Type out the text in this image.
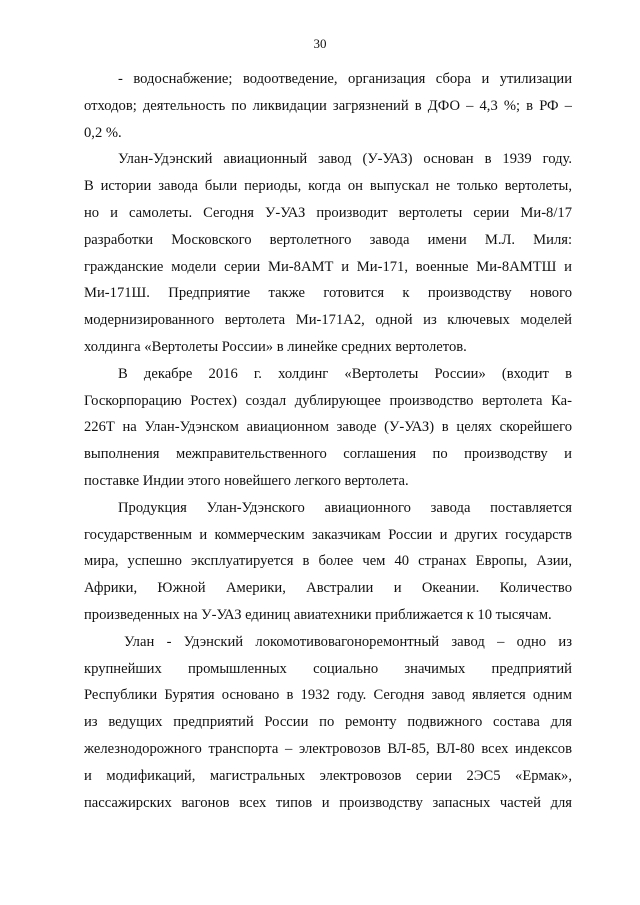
30
- водоснабжение; водоотведение, организация сбора и утилизации
отходов; деятельность по ликвидации загрязнений в ДФО – 4,3 %; в РФ –
0,2 %.
Улан-Удэнский авиационный завод (У-УАЗ) основан в 1939 году.
В истории завода были периоды, когда он выпускал не только вертолеты,
но и самолеты. Сегодня У-УАЗ производит вертолеты серии Ми-8/17
разработки Московского вертолетного завода имени М.Л. Миля:
гражданские модели серии Ми-8АМТ и Ми-171, военные Ми-8АМТШ и
Ми-171Ш. Предприятие также готовится к производству нового
модернизированного вертолета Ми-171А2, одной из ключевых моделей
холдинга «Вертолеты России» в линейке средних вертолетов.
В декабре 2016 г. холдинг «Вертолеты России» (входит в
Госкорпорацию Ростех) создал дублирующее производство вертолета Ка-
226Т на Улан-Удэнском авиационном заводе (У-УАЗ) в целях скорейшего
выполнения межправительственного соглашения по производству и
поставке Индии этого новейшего легкого вертолета.
Продукция Улан-Удэнского авиационного завода поставляется
государственным и коммерческим заказчикам России и других государств
мира, успешно эксплуатируется в более чем 40 странах Европы, Азии,
Африки, Южной Америки, Австралии и Океании. Количество
произведенных на У-УАЗ единиц авиатехники приближается к 10 тысячам.
Улан - Удэнский локомотивовагоноремонтный завод – одно из
крупнейших промышленных социально значимых предприятий
Республики Бурятия основано в 1932 году. Сегодня завод является одним
из ведущих предприятий России по ремонту подвижного состава для
железнодорожного транспорта – электровозов ВЛ-85, ВЛ-80 всех индексов
и модификаций, магистральных электровозов серии 2ЭС5 «Ермак»,
пассажирских вагонов всех типов и производству запасных частей для
